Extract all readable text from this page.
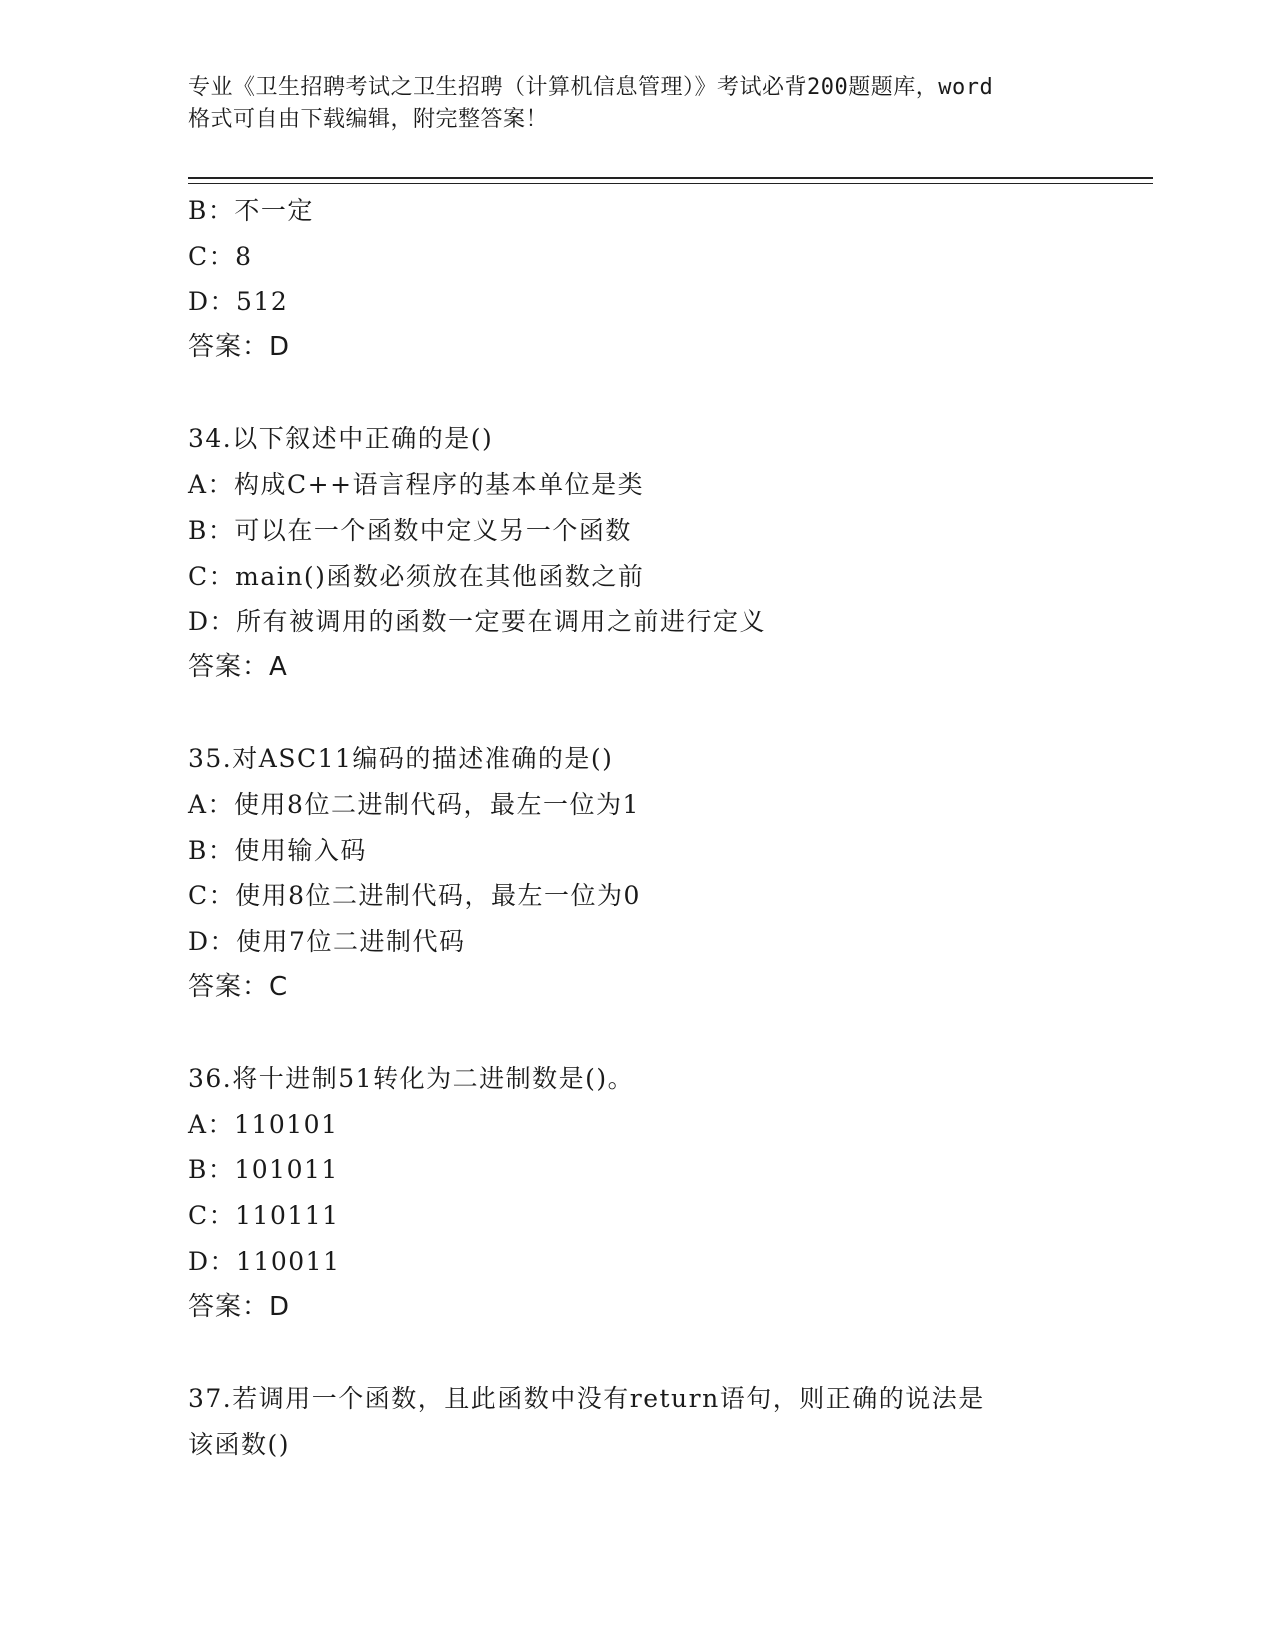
专业《卫生招聘考试之卫生招聘（计算机信息管理）》考试必背200题题库，word
格式可自由下载编辑，附完整答案！
B：不一定
C：8
D：512
答案：D
34.以下叙述中正确的是()
A：构成C++语言程序的基本单位是类
B：可以在一个函数中定义另一个函数
C：main()函数必须放在其他函数之前
D：所有被调用的函数一定要在调用之前进行定义
答案：A
35.对ASC11编码的描述准确的是()
A：使用8位二进制代码，最左一位为1
B：使用输入码
C：使用8位二进制代码，最左一位为0
D：使用7位二进制代码
答案：C
36.将十进制51转化为二进制数是()。
A：110101
B：101011
C：110111
D：110011
答案：D
37.若调用一个函数，且此函数中没有return语句，则正确的说法是
该函数()
